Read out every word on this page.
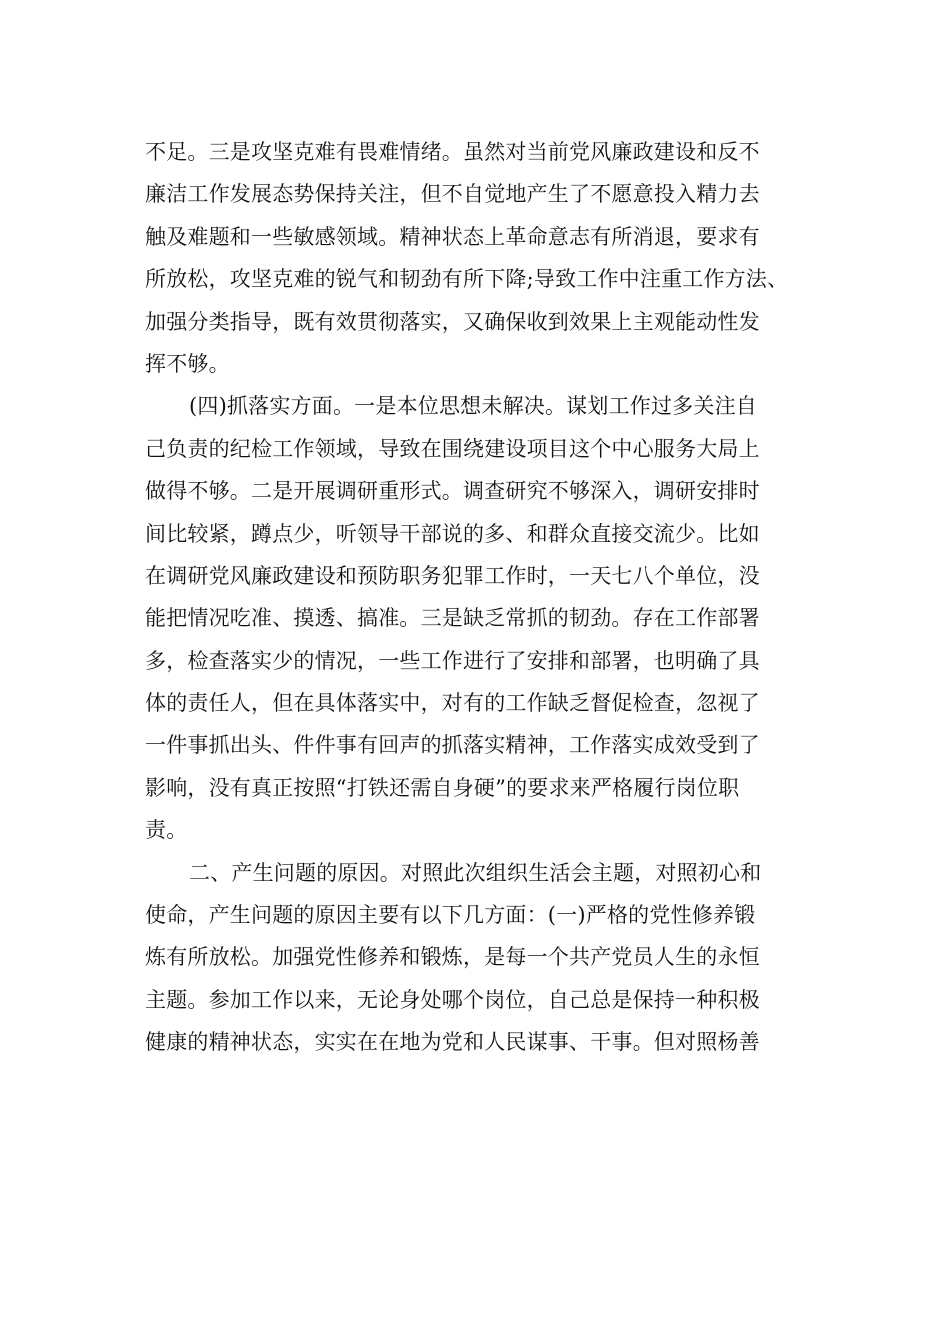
不足。三是攻坚克难有畏难情绪。虽然对当前党风廉政建设和反不
廉洁工作发展态势保持关注，但不自觉地产生了不愿意投入精力去
触及难题和一些敏感领域。精神状态上革命意志有所消退，要求有
所放松，攻坚克难的锐气和韧劲有所下降;导致工作中注重工作方法、
加强分类指导，既有效贯彻落实，又确保收到效果上主观能动性发
挥不够。
(四)抓落实方面。一是本位思想未解决。谋划工作过多关注自
己负责的纪检工作领域，导致在围绕建设项目这个中心服务大局上
做得不够。二是开展调研重形式。调查研究不够深入，调研安排时
间比较紧，蹲点少，听领导干部说的多、和群众直接交流少。比如
在调研党风廉政建设和预防职务犯罪工作时，一天七八个单位，没
能把情况吃准、摸透、搞准。三是缺乏常抓的韧劲。存在工作部署
多，检查落实少的情况，一些工作进行了安排和部署，也明确了具
体的责任人，但在具体落实中，对有的工作缺乏督促检查，忽视了
一件事抓出头、件件事有回声的抓落实精神，工作落实成效受到了
影响，没有真正按照“打铁还需自身硬”的要求来严格履行岗位职
责。
二、产生问题的原因。对照此次组织生活会主题，对照初心和
使命，产生问题的原因主要有以下几方面：(一)严格的党性修养锻
炼有所放松。加强党性修养和锻炼，是每一个共产党员人生的永恒
主题。参加工作以来，无论身处哪个岗位，自己总是保持一种积极
健康的精神状态，实实在在地为党和人民谋事、干事。但对照杨善
